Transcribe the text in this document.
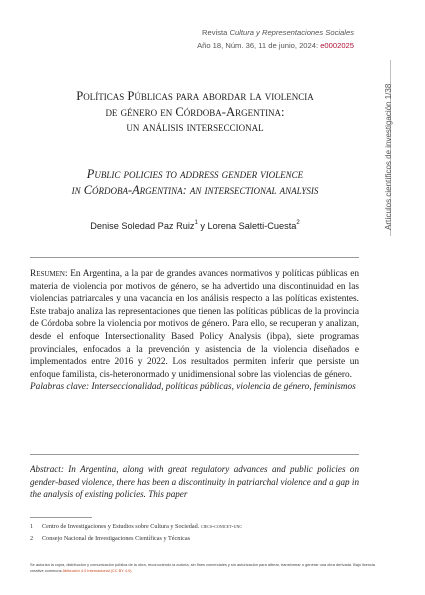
Revista Cultura y Representaciones Sociales
Año 18, Núm. 36, 11 de junio, 2024: e0002025
Artículos científicos de investigación 1/38
Políticas Públicas para abordar la violencia
de género en Córdoba-Argentina:
un análisis interseccional
Public policies to address gender violence
in Córdoba-Argentina: an intersectional analysis
Denise Soledad Paz Ruiz$^1$ y Lorena Saletti-Cuesta$^2$
Resumen: En Argentina, a la par de grandes avances normativos y políticas públicas en materia de violencia por motivos de género, se ha advertido una discontinuidad en las violencias patriarcales y una vacancia en los análisis respecto a las políticas existentes. Este trabajo analiza las representaciones que tienen las políticas públicas de la provincia de Córdoba sobre la violencia por motivos de género. Para ello, se recuperan y analizan, desde el enfoque Intersectionality Based Policy Analysis (ibpa), siete programas provinciales, enfocados a la prevención y asistencia de la violencia diseñados e implementados entre 2016 y 2022. Los resultados permiten inferir que persiste un enfoque familista, cis-heteronormado y unidimensional sobre las violencias de género.
Palabras clave: Interseccionalidad, políticas públicas, violencia de género, feminismos
Abstract: In Argentina, along with great regulatory advances and public policies on gender-based violence, there has been a discontinuity in patriarchal violence and a gap in the analysis of existing policies. This paper
1 Centro de Investigaciones y Estudios sobre Cultura y Sociedad. ciecs-conicet-unc
2 Consejo Nacional de Investigaciones Científicas y Técnicas
Se autoriza la copia, distribución y comunicación pública de la obra, reconociendo la autoría, sin fines comerciales y sin autorización para alterar, transformar o generar una obra derivada. Bajo licencia creative commons Atribución 4.0 Internacional (CC BY 4.0)
